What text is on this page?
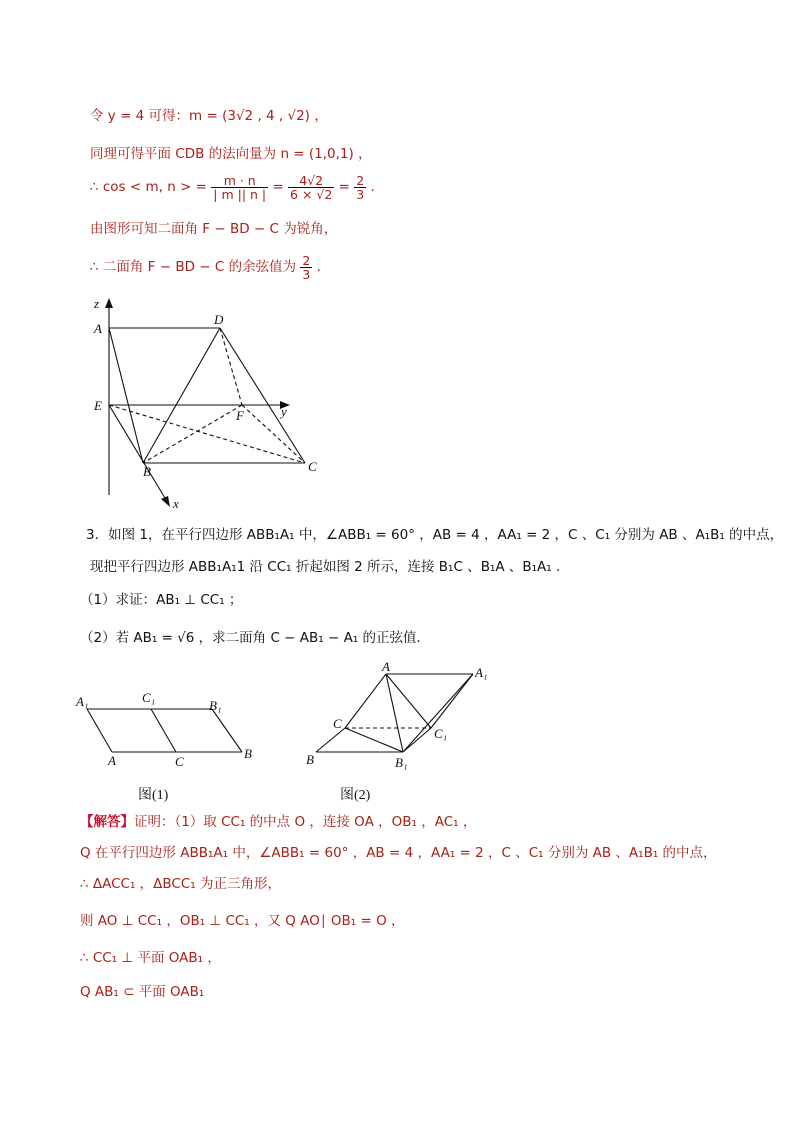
令 y = 4 可得：m = (3√2 , 4 , √2) ，
同理可得平面 CDB 的法向量为 n = (1,0,1) ，
∴ cos < m, n > = $\frac{m \cdot n}{| m || n |} = \frac{4√2}{6 \times √2} = \frac{2}{3}$ .
由图形可知二面角 F − BD − C 为锐角，
∴ 二面角 F − BD − C 的余弦值为 $\frac{2}{3}$ .
z
A
D
E
F	y
B	C
x
3．如图 1，在平行四边形 ABB₁A₁ 中，∠ABB₁ = 60° ，AB = 4 ，AA₁ = 2 ，C 、C₁ 分别为 AB 、A₁B₁ 的中点，
现把平行四边形 ABB₁A₁1 沿 CC₁ 折起如图 2 所示，连接 B₁C 、B₁A 、B₁A₁ .
（1）求证：AB₁ ⊥ CC₁ ；
（2）若 AB₁ = √6 ，求二面角 C − AB₁ − A₁ 的正弦值．
A₁	C₁
B₁
A	C
B
图(1)
A	A₁
C
C₁
B	B₁
图(2)
【解答】证明：（1）取 CC₁ 的中点 O ，连接 OA ，OB₁ ，AC₁ ，
Q 在平行四边形 ABB₁A₁ 中，∠ABB₁ = 60° ，AB = 4 ，AA₁ = 2 ，C 、C₁ 分别为 AB 、A₁B₁ 的中点，
∴ ΔACC₁ ，ΔBCC₁ 为正三角形，
则 AO ⊥ CC₁ ，OB₁ ⊥ CC₁ ，又 Q AO∣ OB₁ = O ，
∴ CC₁ ⊥ 平面 OAB₁ ，
Q AB₁ ⊂ 平面 OAB₁
